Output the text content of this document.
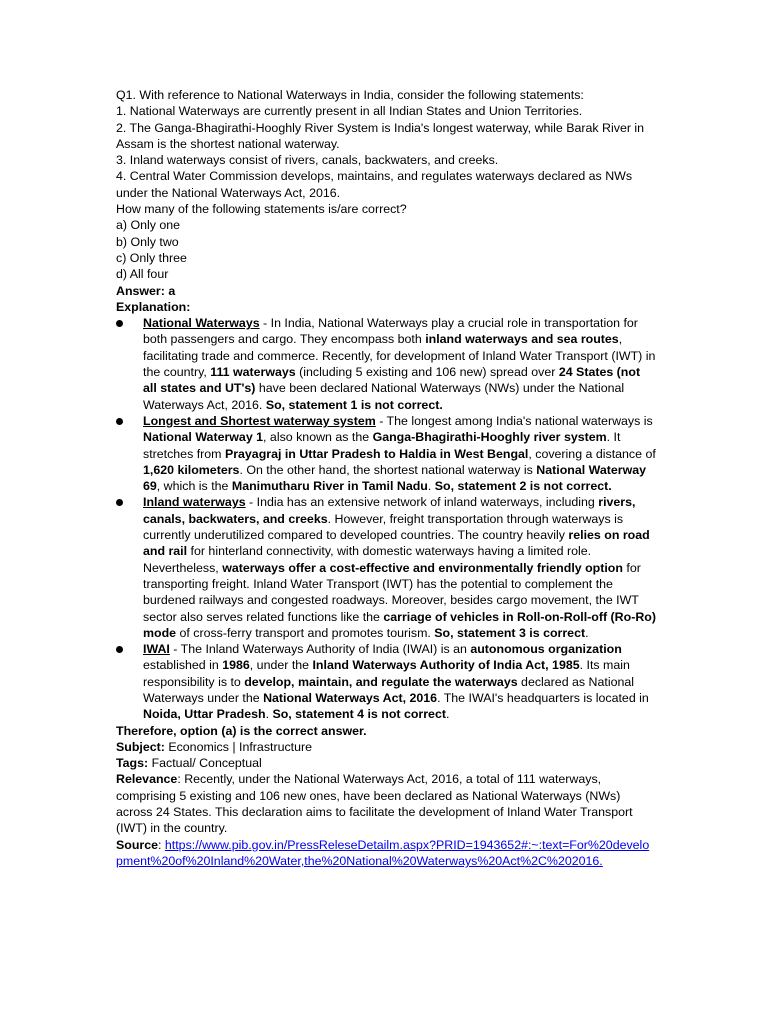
Q1. With reference to National Waterways in India, consider the following statements:

1. National Waterways are currently present in all Indian States and Union Territories.

2. The Ganga-Bhagirathi-Hooghly River System is India's longest waterway, while Barak River in Assam is the shortest national waterway.

3. Inland waterways consist of rivers, canals, backwaters, and creeks.

4. Central Water Commission develops, maintains, and regulates waterways declared as NWs under the National Waterways Act, 2016.

How many of the following statements is/are correct?

a) Only one

b) Only two

c) Only three

d) All four

Answer: a

Explanation:

National Waterways - In India, National Waterways play a crucial role in transportation for both passengers and cargo. They encompass both inland waterways and sea routes, facilitating trade and commerce. Recently, for development of Inland Water Transport (IWT) in the country, 111 waterways (including 5 existing and 106 new) spread over 24 States (not all states and UT's) have been declared National Waterways (NWs) under the National Waterways Act, 2016. So, statement 1 is not correct.
Longest and Shortest waterway system - The longest among India's national waterways is National Waterway 1, also known as the Ganga-Bhagirathi-Hooghly river system. It stretches from Prayagraj in Uttar Pradesh to Haldia in West Bengal, covering a distance of 1,620 kilometers. On the other hand, the shortest national waterway is National Waterway 69, which is the Manimutharu River in Tamil Nadu. So, statement 2 is not correct.
Inland waterways - India has an extensive network of inland waterways, including rivers, canals, backwaters, and creeks. However, freight transportation through waterways is currently underutilized compared to developed countries. The country heavily relies on road and rail for hinterland connectivity, with domestic waterways having a limited role. Nevertheless, waterways offer a cost-effective and environmentally friendly option for transporting freight. Inland Water Transport (IWT) has the potential to complement the burdened railways and congested roadways. Moreover, besides cargo movement, the IWT sector also serves related functions like the carriage of vehicles in Roll-on-Roll-off (Ro-Ro) mode of cross-ferry transport and promotes tourism. So, statement 3 is correct.
IWAI - The Inland Waterways Authority of India (IWAI) is an autonomous organization established in 1986, under the Inland Waterways Authority of India Act, 1985. Its main responsibility is to develop, maintain, and regulate the waterways declared as National Waterways under the National Waterways Act, 2016. The IWAI's headquarters is located in Noida, Uttar Pradesh. So, statement 4 is not correct.

Therefore, option (a) is the correct answer.

Subject: Economics | Infrastructure

Tags: Factual/ Conceptual

Relevance: Recently, under the National Waterways Act, 2016, a total of 111 waterways, comprising 5 existing and 106 new ones, have been declared as National Waterways (NWs) across 24 States. This declaration aims to facilitate the development of Inland Water Transport (IWT) in the country.

Source: https://www.pib.gov.in/PressReleseDetailm.aspx?PRID=1943652#:~:text=For%20development%20of%20Inland%20Water,the%20National%20Waterways%20Act%2C%202016.
